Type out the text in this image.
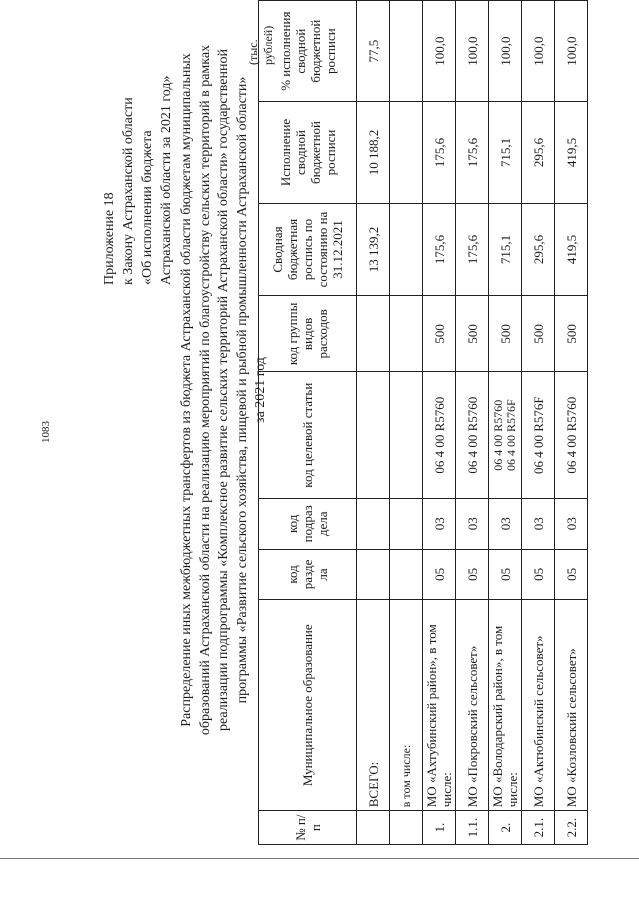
1083
Приложение 18 к Закону Астраханской области «Об исполнении бюджета Астраханской области за 2021 год» Распределение иных межбюджетных трансфертов из бюджета Астраханской области бюджетам муниципальных образований Астраханской области на реализацию мероприятий по благоустройству сельских территорий в рамках реализации подпрограммы «Комплексное развитие сельских территорий Астраханской области» государственной программы «Развитие сельского хозяйства, пищевой и рыбной промышленности Астраханской области» за 2021 год
(тыс. рублей)
№ п/п	Муниципальное образование	код разде ла	код подраз дела	код целевой статьи	код группы видов расходов	Сводная бюджетная роспись по состоянию на 31.12.2021	Исполнение сводной бюджетной росписи	% исполнения сводной бюджетной росписи
	ВСЕГО:					13 139,2	10 188,2	77,5
	в том числе:							
1.	МО «Ахтубинский район», в том числе:	05	03	06 4 00 R5760	500	175,6	175,6	100,0
1.1.	МО «Покровский сельсовет»	05	03	06 4 00 R5760	500	175,6	175,6	100,0
2.	МО «Володарский район», в том числе:	05	03	06 4 00 R5760 06 4 00 R576F	500	715,1	715,1	100,0
2.1.	МО «Актюбинский сельсовет»	05	03	06 4 00 R576F	500	295,6	295,6	100,0
2.2.	МО «Козловский сельсовет»	05	03	06 4 00 R5760	500	419,5	419,5	100,0
